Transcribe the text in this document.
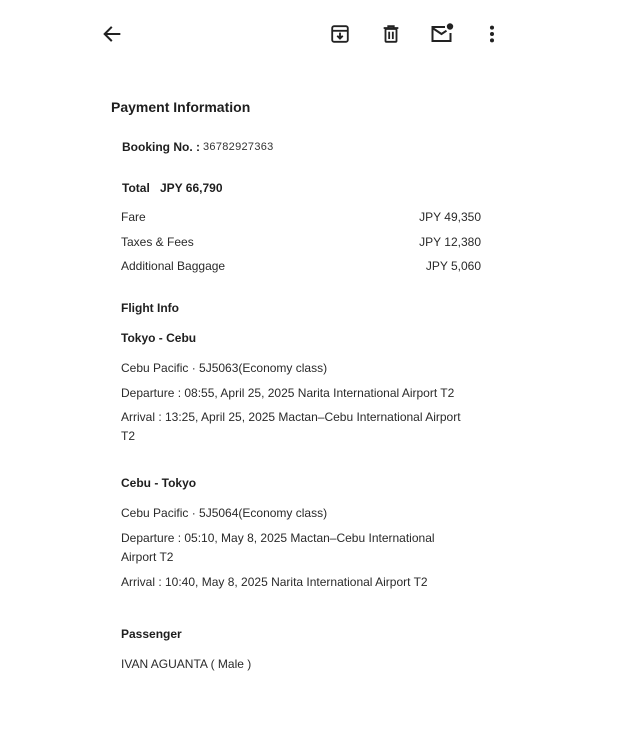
Payment Information
Booking No. : 36782927363
Total JPY 66,790
Fare	JPY 49,350
Taxes & Fees	JPY 12,380
Additional Baggage	JPY 5,060
Flight Info
Tokyo - Cebu
Cebu Pacific · 5J5063(Economy class)
Departure : 08:55, April 25, 2025 Narita International Airport T2
Arrival : 13:25, April 25, 2025 Mactan–Cebu International Airport
T2
Cebu - Tokyo
Cebu Pacific · 5J5064(Economy class)
Departure : 05:10, May 8, 2025 Mactan–Cebu International
Airport T2
Arrival : 10:40, May 8, 2025 Narita International Airport T2
Passenger
IVAN AGUANTA ( Male )
